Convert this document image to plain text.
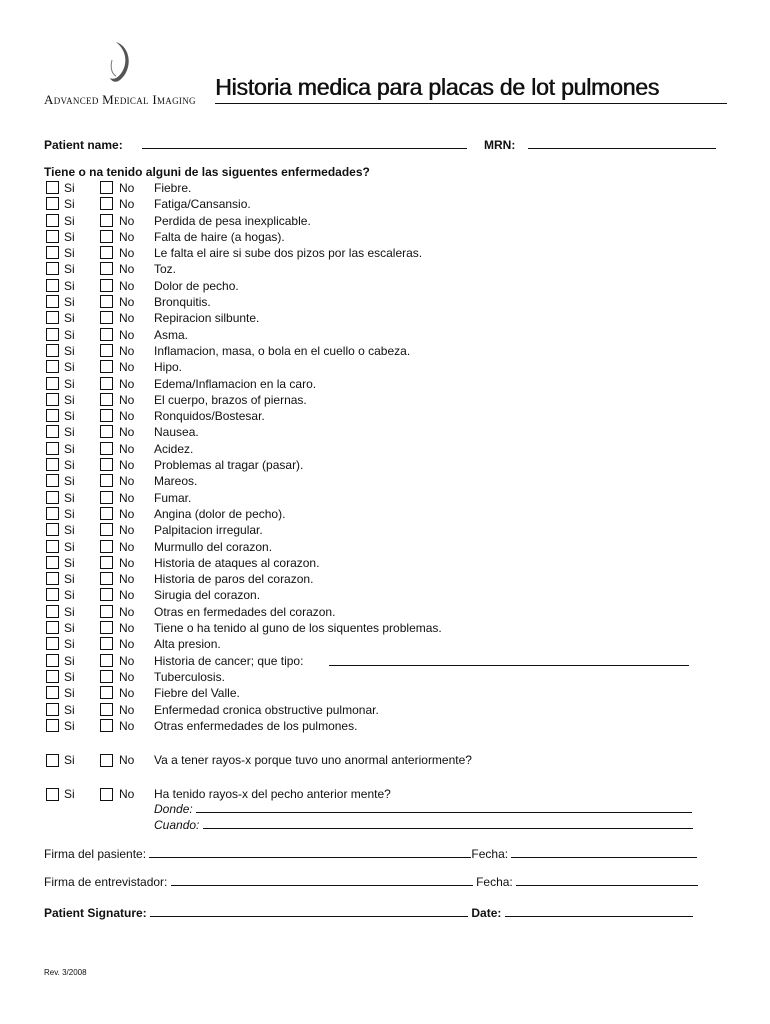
Advanced Medical Imaging Historia medica para placas de lot pulmones
Patient name:	MRN:
Tiene o na tenido alguni de las siguentes enfermedades?
Si	No Fiebre.
Si	No Fatiga/Cansansio.
Si	No Perdida de pesa inexplicable.
Si	No Falta de haire (a hogas).
Si	No Le falta el aire si sube dos pizos por las escaleras.
Si	No Toz.
Si	No Dolor de pecho.
Si	No Bronquitis.
Si	No Repiracion silbunte.
Si	No Asma.
Si	No Inflamacion, masa, o bola en el cuello o cabeza.
Si	No Hipo.
Si	No Edema/Inflamacion en la caro.
Si	No El cuerpo, brazos of piernas.
Si	No Ronquidos/Bostesar.
Si	No Nausea.
Si	No Acidez.
Si	No Problemas al tragar (pasar).
Si	No Mareos.
Si	No Fumar.
Si	No Angina (dolor de pecho).
Si	No Palpitacion irregular.
Si	No Murmullo del corazon.
Si	No Historia de ataques al corazon.
Si	No Historia de paros del corazon.
Si	No Sirugia del corazon.
Si	No Otras en fermedades del corazon.
Si	No Tiene o ha tenido al guno de los siquentes problemas.
Si	No Alta presion.
Si	No Historia de cancer; que tipo:
Si	No Tuberculosis.
Si	No Fiebre del Valle.
Si	No Enfermedad cronica obstructive pulmonar.
Si	No Otras enfermedades de los pulmones.
Si	No Va a tener rayos-x porque tuvo uno anormal anteriormente?
Si	No Ha tenido rayos-x del pecho anterior mente?
Donde:
Cuando:
Firma del pasiente:	Fecha:
Firma de entrevistador:	Fecha:
Patient Signature:	Date:
Rev. 3/2008
